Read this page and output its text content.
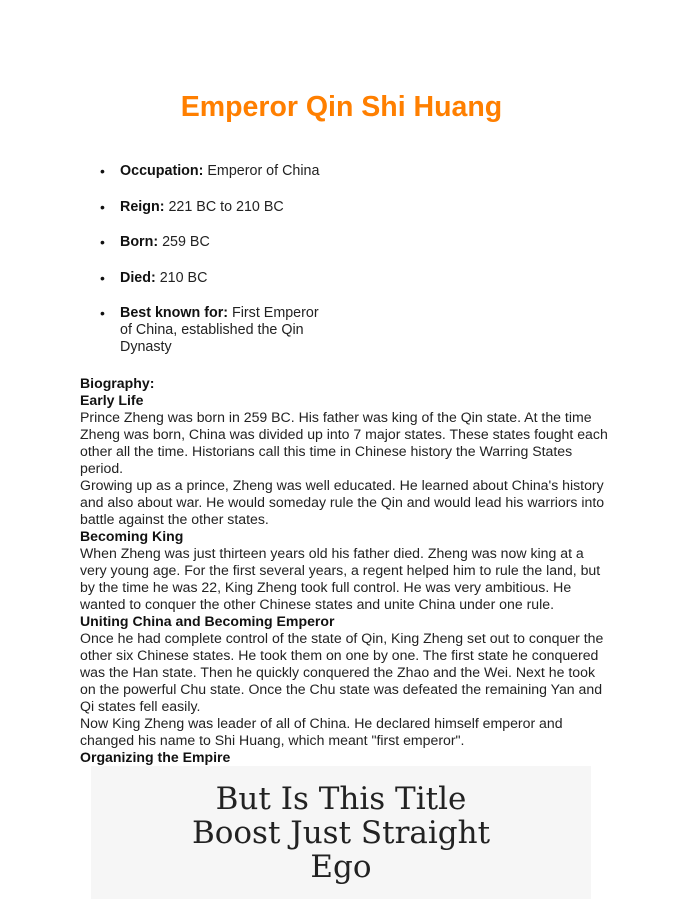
Emperor Qin Shi Huang
• Occupation: Emperor of China
• Reign: 221 BC to 210 BC
• Born: 259 BC
• Died: 210 BC
• Best known for: First Emperor of China, established the Qin Dynasty
Biography:
Early Life

Prince Zheng was born in 259 BC. His father was king of the Qin state. At the time Zheng was born, China was divided up into 7 major states. These states fought each other all the time. Historians call this time in Chinese history the Warring States period.

Growing up as a prince, Zheng was well educated. He learned about China's history and also about war. He would someday rule the Qin and would lead his warriors into battle against the other states.

Becoming King

When Zheng was just thirteen years old his father died. Zheng was now king at a very young age. For the first several years, a regent helped him to rule the land, but by the time he was 22, King Zheng took full control. He was very ambitious. He wanted to conquer the other Chinese states and unite China under one rule.

Uniting China and Becoming Emperor

Once he had complete control of the state of Qin, King Zheng set out to conquer the other six Chinese states. He took them on one by one. The first state he conquered was the Han state. Then he quickly conquered the Zhao and the Wei. Next he took on the powerful Chu state. Once the Chu state was defeated the remaining Yan and Qi states fell easily.

Now King Zheng was leader of all of China. He declared himself emperor and changed his name to Shi Huang, which meant "first emperor".

Organizing the Empire
But Is This Title Boost Just Straight Ego
